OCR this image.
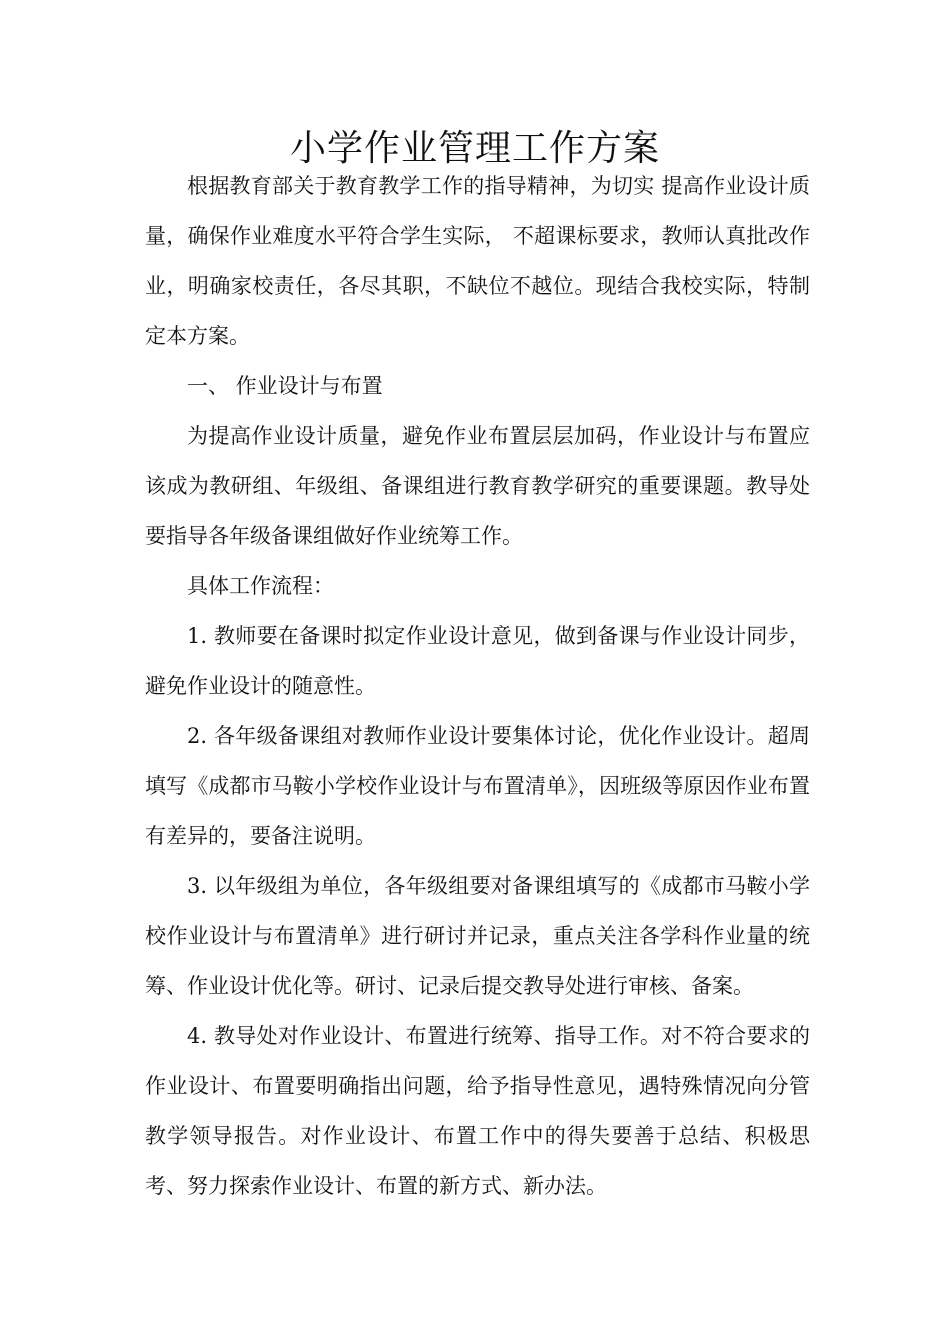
小学作业管理工作方案

根据教育部关于教育教学工作的指导精神，为切实 提高作业设计质量，确保作业难度水平符合学生实际， 不超课标要求，教师认真批改作业，明确家校责任，各尽其职，不缺位不越位。现结合我校实际，特制定本方案。

一、 作业设计与布置

为提高作业设计质量，避免作业布置层层加码，作业设计与布置应该成为教研组、年级组、备课组进行教育教学研究的重要课题。教导处要指导各年级备课组做好作业统筹工作。

具体工作流程：

1. 教师要在备课时拟定作业设计意见，做到备课与作业设计同步，避免作业设计的随意性。

2. 各年级备课组对教师作业设计要集体讨论，优化作业设计。超周填写《成都市马鞍小学校作业设计与布置清单》，因班级等原因作业布置有差异的，要备注说明。

3. 以年级组为单位，各年级组要对备课组填写的《成都市马鞍小学校作业设计与布置清单》进行研讨并记录，重点关注各学科作业量的统筹、作业设计优化等。研讨、记录后提交教导处进行审核、备案。

4. 教导处对作业设计、布置进行统筹、指导工作。对不符合要求的作业设计、布置要明确指出问题，给予指导性意见，遇特殊情况向分管教学领导报告。对作业设计、布置工作中的得失要善于总结、积极思考、努力探索作业设计、布置的新方式、新办法。
